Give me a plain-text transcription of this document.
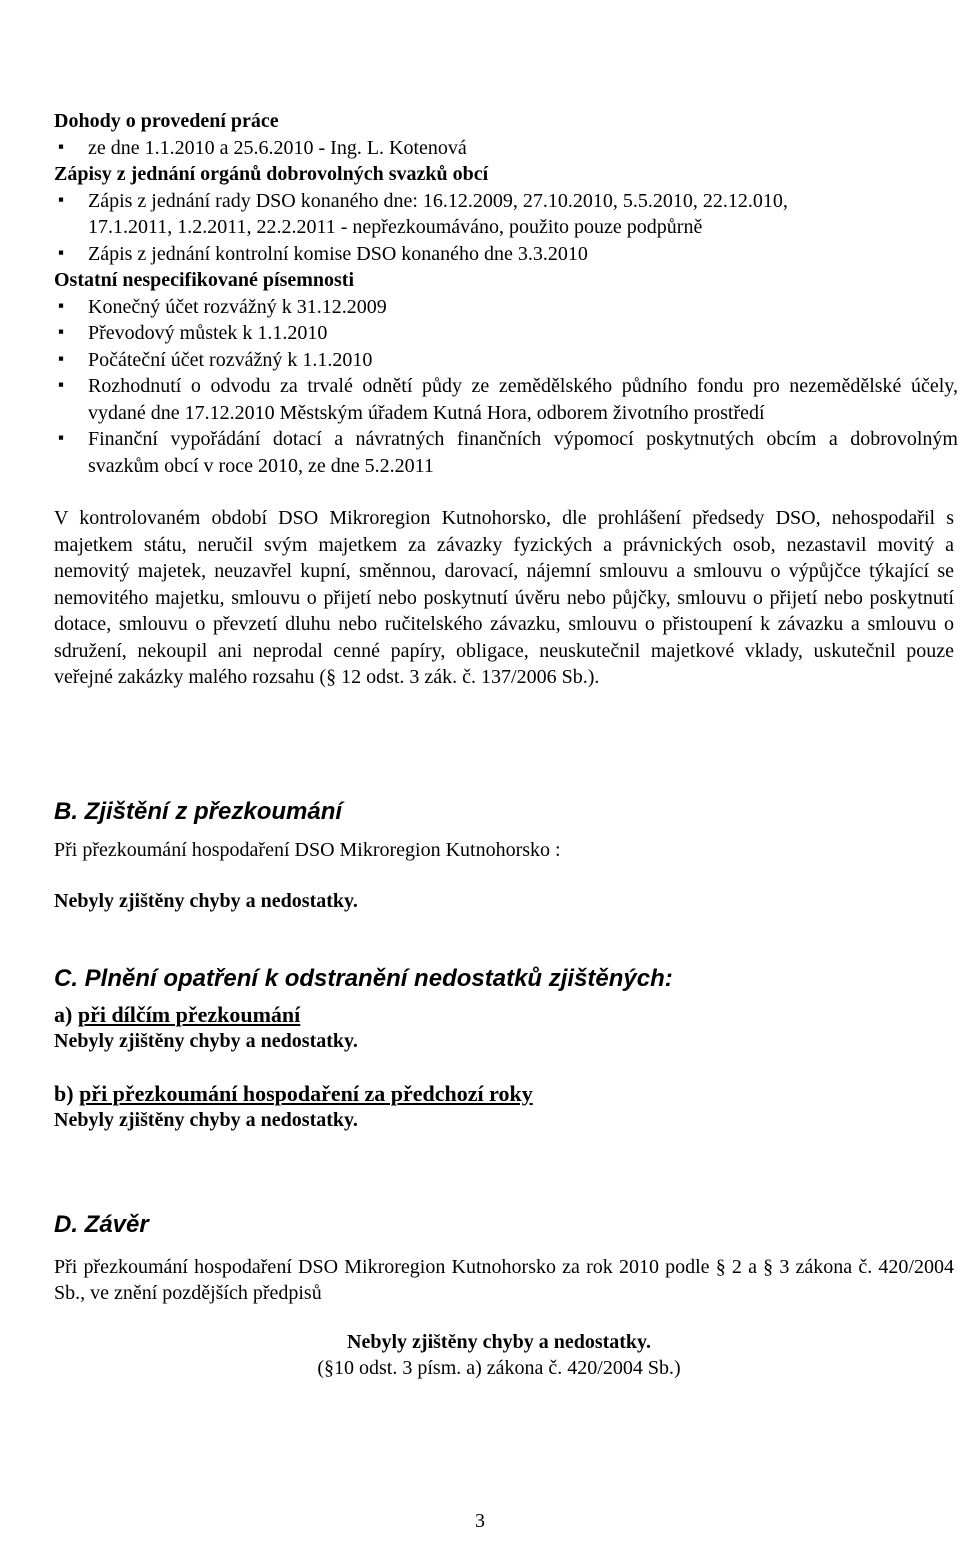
Dohody o provedení práce
▪ ze dne 1.1.2010 a 25.6.2010 - Ing. L. Kotenová
Zápisy z jednání orgánů dobrovolných svazků obcí
▪ Zápis z jednání rady DSO konaného dne: 16.12.2009, 27.10.2010, 5.5.2010, 22.12.010,
17.1.2011, 1.2.2011, 22.2.2011 - nepřezkoumáváno, použito pouze podpůrně
▪ Zápis z jednání kontrolní komise DSO konaného dne 3.3.2010
Ostatní nespecifikované písemnosti
▪ Konečný účet rozvážný k 31.12.2009
▪ Převodový můstek k 1.1.2010
▪ Počáteční účet rozvážný k 1.1.2010
▪ Rozhodnutí o odvodu za trvalé odnětí půdy ze zemědělského půdního fondu pro nezemědělské účely, vydané dne 17.12.2010 Městským úřadem Kutná Hora, odborem životního prostředí
▪ Finanční vypořádání dotací a návratných finančních výpomocí poskytnutých obcím a dobrovolným svazkům obcí v roce 2010, ze dne 5.2.2011

V kontrolovaném období DSO Mikroregion Kutnohorsko, dle prohlášení předsedy DSO, nehospodařil s majetkem státu, neručil svým majetkem za závazky fyzických a právnických osob, nezastavil movitý a nemovitý majetek, neuzavřel kupní, směnnou, darovací, nájemní smlouvu a smlouvu o výpůjčce týkající se nemovitého majetku, smlouvu o přijetí nebo poskytnutí úvěru nebo půjčky, smlouvu o přijetí nebo poskytnutí dotace, smlouvu o převzetí dluhu nebo ručitelského závazku, smlouvu o přistoupení k závazku a smlouvu o sdružení, nekoupil ani neprodal cenné papíry, obligace, neuskutečnil majetkové vklady, uskutečnil pouze veřejné zakázky malého rozsahu (§ 12 odst. 3 zák. č. 137/2006 Sb.).

B. Zjištění z přezkoumání
Při přezkoumání hospodaření DSO Mikroregion Kutnohorsko :
Nebyly zjištěny chyby a nedostatky.
C. Plnění opatření k odstranění nedostatků zjištěných:
a) při dílčím přezkoumání
Nebyly zjištěny chyby a nedostatky.
b) při přezkoumání hospodaření za předchozí roky
Nebyly zjištěny chyby a nedostatky.
D. Závěr
Při přezkoumání hospodaření DSO Mikroregion Kutnohorsko za rok 2010 podle § 2 a § 3 zákona č. 420/2004 Sb., ve znění pozdějších předpisů
Nebyly zjištěny chyby a nedostatky.
(§10 odst. 3 písm. a) zákona č. 420/2004 Sb.)
3
